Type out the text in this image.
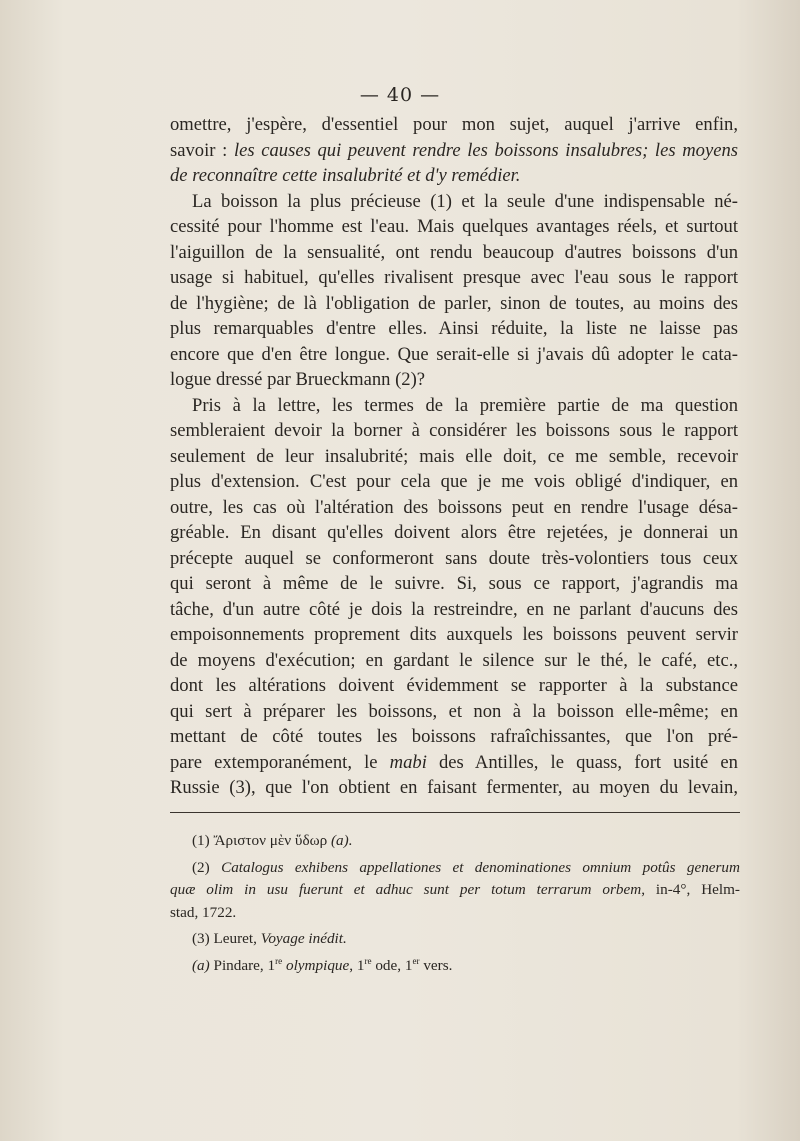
— 40 —
omettre, j'espère, d'essentiel pour mon sujet, auquel j'arrive enfin,
savoir : les causes qui peuvent rendre les boissons insalubres; les moyens
de reconnaître cette insalubrité et d'y remédier.
La boisson la plus précieuse (1) et la seule d'une indispensable né-
cessité pour l'homme est l'eau. Mais quelques avantages réels, et surtout
l'aiguillon de la sensualité, ont rendu beaucoup d'autres boissons d'un
usage si habituel, qu'elles rivalisent presque avec l'eau sous le rapport
de l'hygiène; de là l'obligation de parler, sinon de toutes, au moins des
plus remarquables d'entre elles. Ainsi réduite, la liste ne laisse pas
encore que d'en être longue. Que serait-elle si j'avais dû adopter le cata-
logue dressé par Brueckmann (2)?
Pris à la lettre, les termes de la première partie de ma question
sembleraient devoir la borner à considérer les boissons sous le rapport
seulement de leur insalubrité; mais elle doit, ce me semble, recevoir
plus d'extension. C'est pour cela que je me vois obligé d'indiquer, en
outre, les cas où l'altération des boissons peut en rendre l'usage désa-
gréable. En disant qu'elles doivent alors être rejetées, je donnerai un
précepte auquel se conformeront sans doute très-volontiers tous ceux
qui seront à même de le suivre. Si, sous ce rapport, j'agrandis ma
tâche, d'un autre côté je dois la restreindre, en ne parlant d'aucuns des
empoisonnements proprement dits auxquels les boissons peuvent servir
de moyens d'exécution; en gardant le silence sur le thé, le café, etc.,
dont les altérations doivent évidemment se rapporter à la substance
qui sert à préparer les boissons, et non à la boisson elle-même; en
mettant de côté toutes les boissons rafraîchissantes, que l'on pré-
pare extemporanément, le mabi des Antilles, le quass, fort usité en
Russie (3), que l'on obtient en faisant fermenter, au moyen du levain,
(1) Ἄριστον μὲν ὕδωρ (a).
(2) Catalogus exhibens appellationes et denominationes omnium potûs generum
quæ olim in usu fuerunt et adhuc sunt per totum terrarum orbem, in-4°, Helm-
stad, 1722.
(3) Leuret, Voyage inédit.
(a) Pindare, 1re olympique, 1re ode, 1er vers.
